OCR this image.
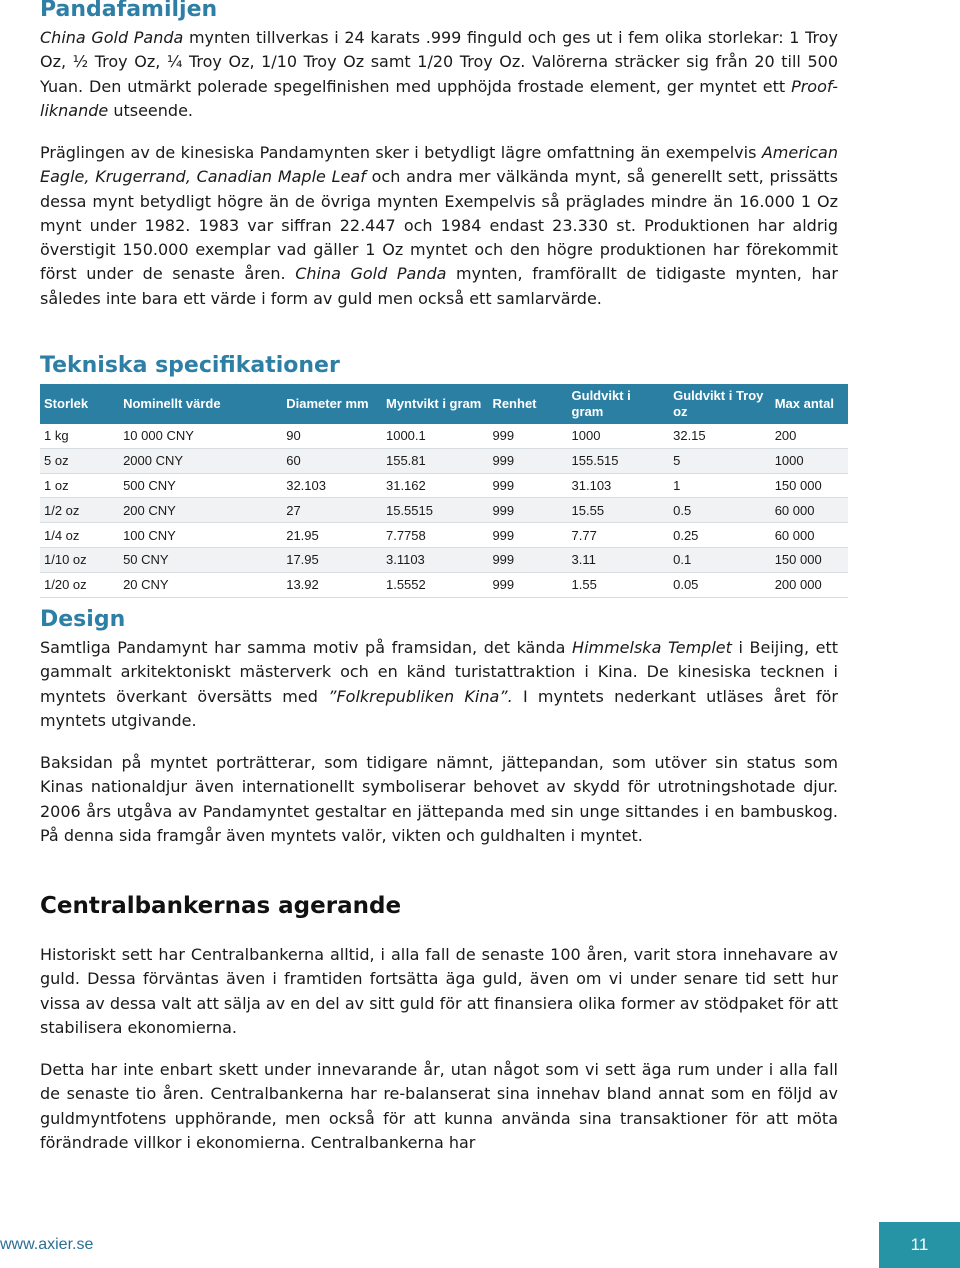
Pandafamiljen

China Gold Panda mynten tillverkas i 24 karats .999 finguld och ges ut i fem olika storlekar: 1 Troy Oz, ½ Troy Oz, ¼ Troy Oz, 1/10 Troy Oz samt 1/20 Troy Oz. Valörerna sträcker sig från 20 till 500 Yuan. Den utmärkt polerade spegelfinishen med upphöjda frostade element, ger myntet ett Proof-liknande utseende.

Präglingen av de kinesiska Pandamynten sker i betydligt lägre omfattning än exempelvis American Eagle, Krugerrand, Canadian Maple Leaf och andra mer välkända mynt, så generellt sett, prissätts dessa mynt betydligt högre än de övriga mynten Exempelvis så präglades mindre än 16.000 1 Oz mynt under 1982. 1983 var siffran 22.447 och 1984 endast 23.330 st. Produktionen har aldrig överstigit 150.000 exemplar vad gäller 1 Oz myntet och den högre produktionen har förekommit först under de senaste åren. China Gold Panda mynten, framförallt de tidigaste mynten, har således inte bara ett värde i form av guld men också ett samlarvärde.

Tekniska specifikationer
Storlek	Nominellt värde	Diameter mm	Myntvikt i gram	Renhet	Guldvikt i gram	Guldvikt i Troy oz	Max antal
1 kg	10 000 CNY	90	1000.1	999	1000	32.15	200
5 oz	2000 CNY	60	155.81	999	155.515	5	1000
1 oz	500 CNY	32.103	31.162	999	31.103	1	150 000
1/2 oz	200 CNY	27	15.5515	999	15.55	0.5	60 000
1/4 oz	100 CNY	21.95	7.7758	999	7.77	0.25	60 000
1/10 oz	50 CNY	17.95	3.1103	999	3.11	0.1	150 000
1/20 oz	20 CNY	13.92	1.5552	999	1.55	0.05	200 000
Design

Samtliga Pandamynt har samma motiv på framsidan, det kända Himmelska Templet i Beijing, ett gammalt arkitektoniskt mästerverk och en känd turistattraktion i Kina. De kinesiska tecknen i myntets överkant översätts med ”Folkrepubliken Kina”. I myntets nederkant utläses året för myntets utgivande.

Baksidan på myntet porträtterar, som tidigare nämnt, jättepandan, som utöver sin status som Kinas nationaldjur även internationellt symboliserar behovet av skydd för utrotningshotade djur. 2006 års utgåva av Pandamyntet gestaltar en jättepanda med sin unge sittandes i en bambuskog. På denna sida framgår även myntets valör, vikten och guldhalten i myntet.

Centralbankernas agerande

Historiskt sett har Centralbankerna alltid, i alla fall de senaste 100 åren, varit stora innehavare av guld. Dessa förväntas även i framtiden fortsätta äga guld, även om vi under senare tid sett hur vissa av dessa valt att sälja av en del av sitt guld för att finansiera olika former av stödpaket för att stabilisera ekonomierna.

Detta har inte enbart skett under innevarande år, utan något som vi sett äga rum under i alla fall de senaste tio åren. Centralbankerna har re-balanserat sina innehav bland annat som en följd av guldmyntfotens upphörande, men också för att kunna använda sina transaktioner för att möta förändrade villkor i ekonomierna. Centralbankerna har

www.axier.se	11
